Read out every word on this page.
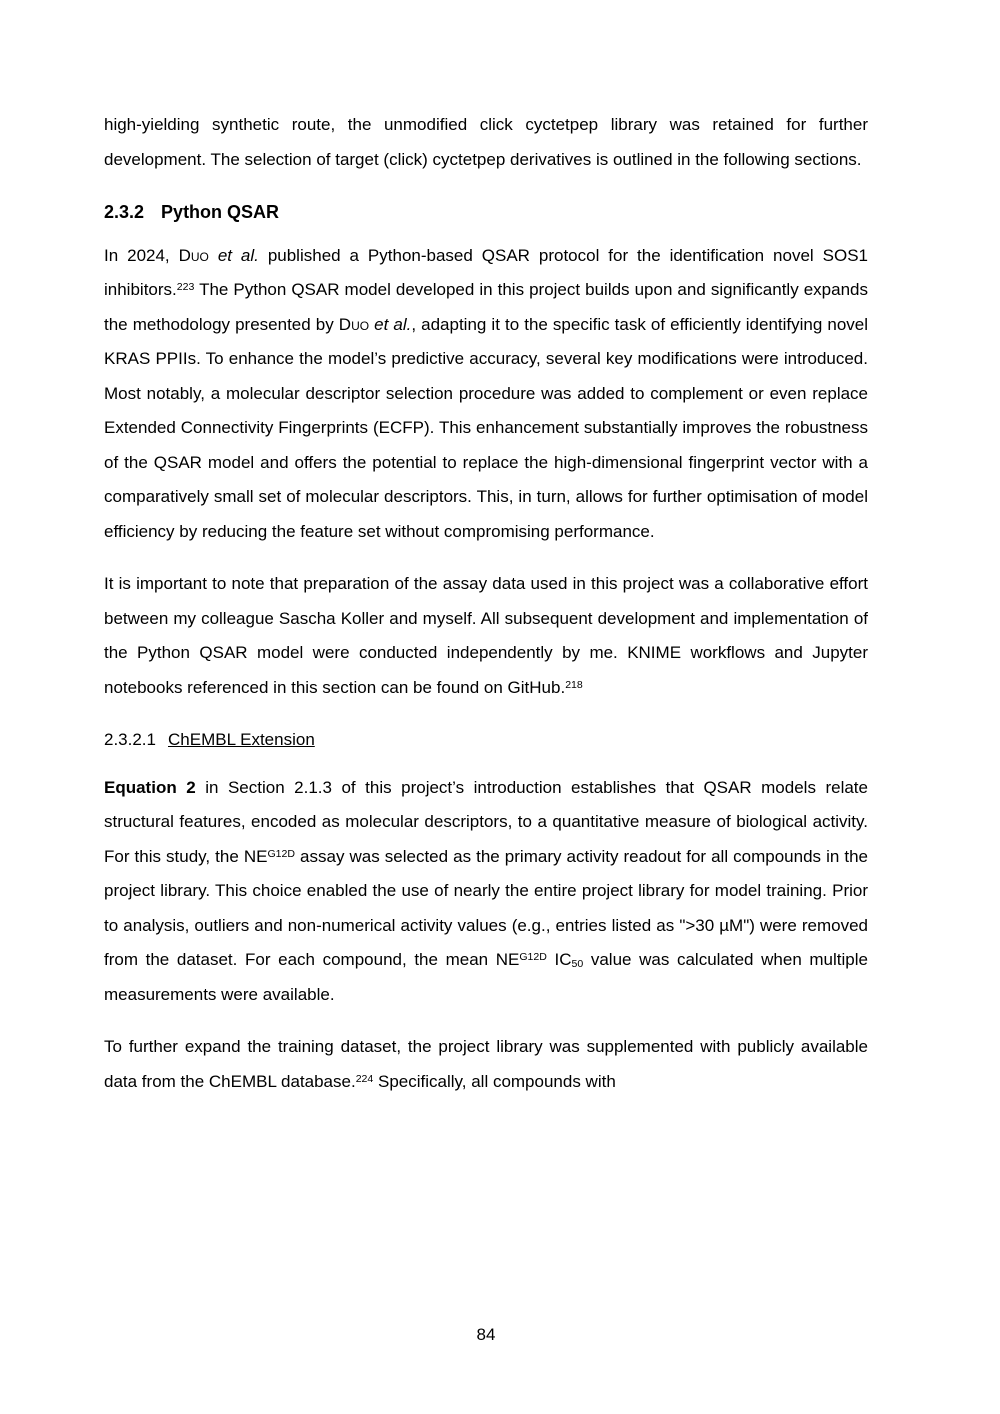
high-yielding synthetic route, the unmodified click cyctetpep library was retained for further development. The selection of target (click) cyctetpep derivatives is outlined in the following sections.

2.3.2 Python QSAR

In 2024, Duo et al. published a Python-based QSAR protocol for the identification novel SOS1 inhibitors.$^{223}$ The Python QSAR model developed in this project builds upon and significantly expands the methodology presented by Duo et al., adapting it to the specific task of efficiently identifying novel KRAS PPIIs. To enhance the model’s predictive accuracy, several key modifications were introduced. Most notably, a molecular descriptor selection procedure was added to complement or even replace Extended Connectivity Fingerprints (ECFP). This enhancement substantially improves the robustness of the QSAR model and offers the potential to replace the high-dimensional fingerprint vector with a comparatively small set of molecular descriptors. This, in turn, allows for further optimisation of model efficiency by reducing the feature set without compromising performance.

It is important to note that preparation of the assay data used in this project was a collaborative effort between my colleague Sascha Koller and myself. All subsequent development and implementation of the Python QSAR model were conducted independently by me. KNIME workflows and Jupyter notebooks referenced in this section can be found on GitHub.$^{218}$

2.3.2.1 ChEMBL Extension

Equation 2 in Section 2.1.3 of this project’s introduction establishes that QSAR models relate structural features, encoded as molecular descriptors, to a quantitative measure of biological activity. For this study, the $NE^{G12D}$ assay was selected as the primary activity readout for all compounds in the project library. This choice enabled the use of nearly the entire project library for model training. Prior to analysis, outliers and non-numerical activity values (e.g., entries listed as ">30 µM") were removed from the dataset. For each compound, the mean $NE^{G12D}$ IC50 value was calculated when multiple measurements were available.

To further expand the training dataset, the project library was supplemented with publicly available data from the ChEMBL database.$^{224}$ Specifically, all compounds with

84
